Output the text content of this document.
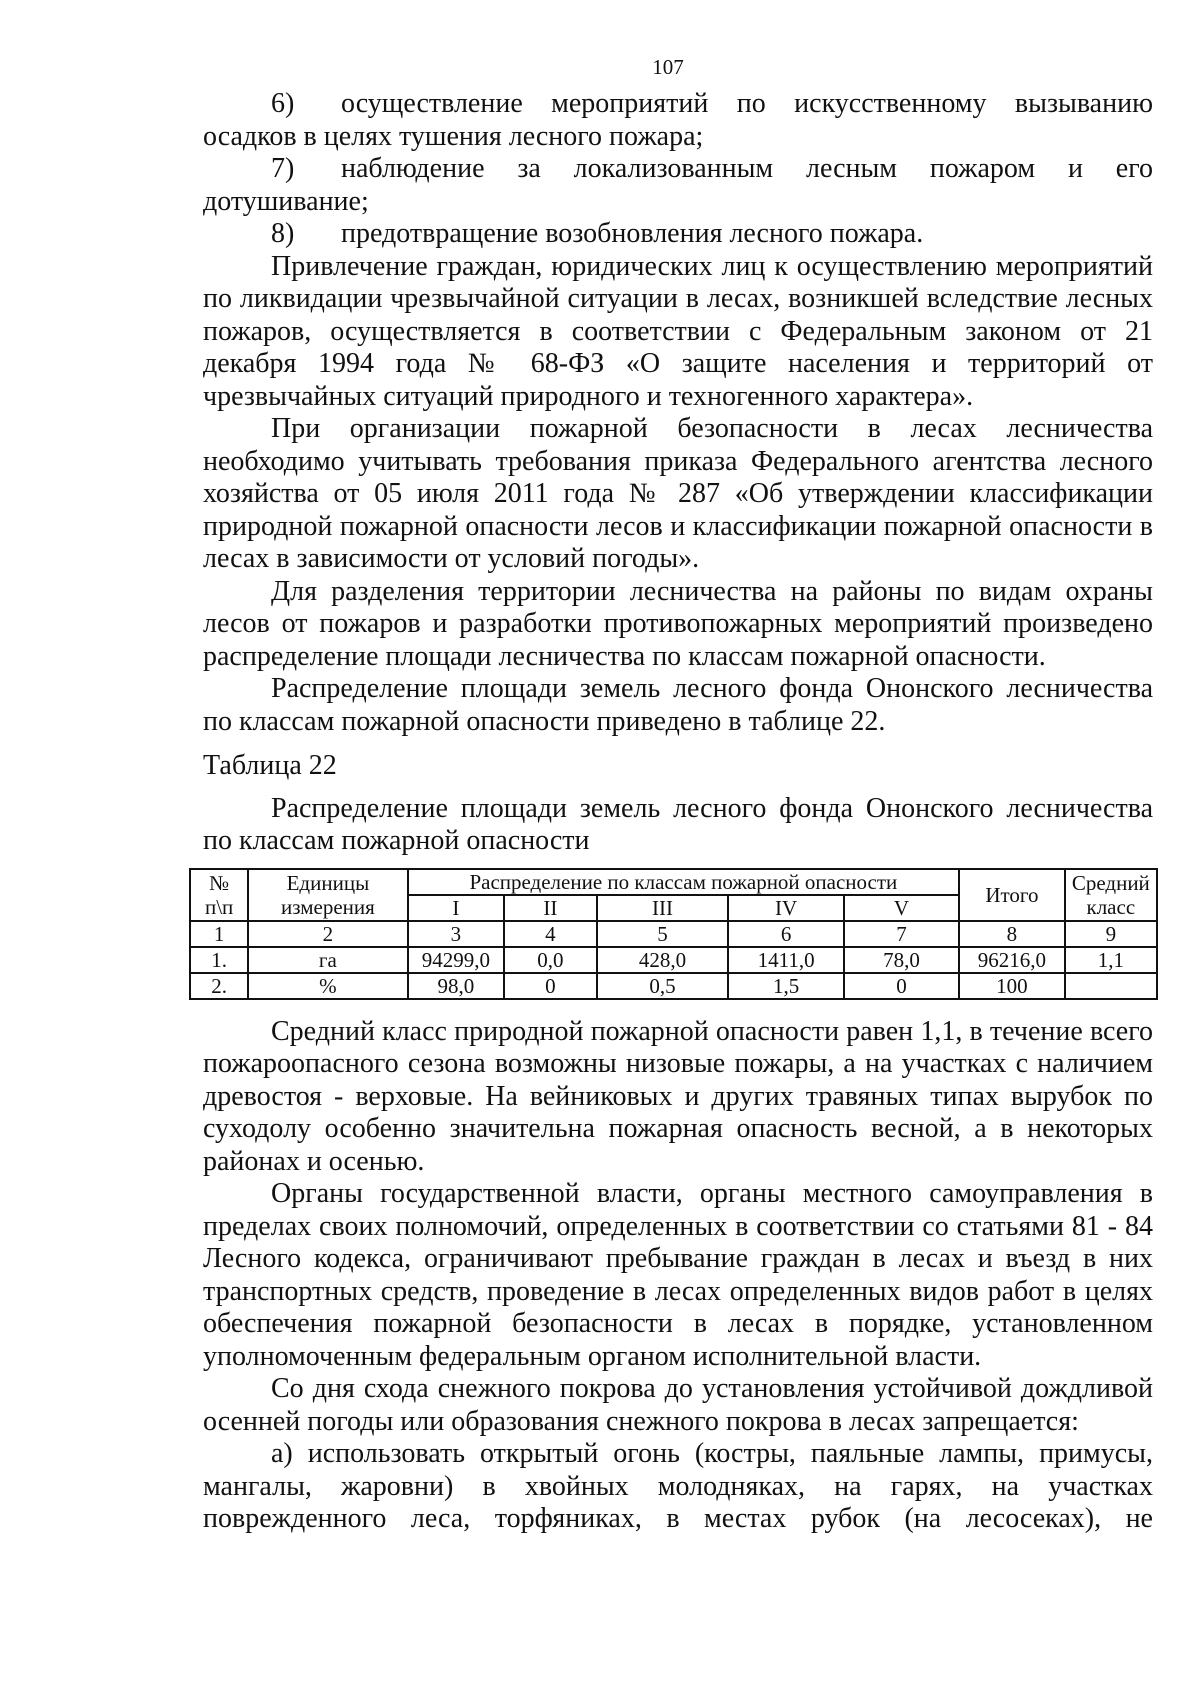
107

6) осуществление мероприятий по искусственному вызыванию

осадков в целях тушения лесного пожара;

7) наблюдение за локализованным лесным пожаром и его

дотушивание;

8) предотвращение возобновления лесного пожара.

Привлечение граждан, юридических лиц к осуществлению мероприятий по ликвидации чрезвычайной ситуации в лесах, возникшей вследствие лесных пожаров, осуществляется в соответствии с Федеральным законом от 21 декабря 1994 года № 68-ФЗ «О защите населения и территорий от чрезвычайных ситуаций природного и техногенного характера».

При организации пожарной безопасности в лесах лесничества необходимо учитывать требования приказа Федерального агентства лесного хозяйства от 05 июля 2011 года № 287 «Об утверждении классификации природной пожарной опасности лесов и классификации пожарной опасности в лесах в зависимости от условий погоды».

Для разделения территории лесничества на районы по видам охраны лесов от пожаров и разработки противопожарных мероприятий произведено распределение площади лесничества по классам пожарной опасности.

Распределение площади земель лесного фонда Ононского лесничества по классам пожарной опасности приведено в таблице 22.

Таблица 22

Распределение площади земель лесного фонда Ононского лесничества по классам пожарной опасности

№ п\п	Единицы измерения	Распределение по классам пожарной опасности					Итого	Средний класс
		I	II	III	IV	V		
1	2	3	4	5	6	7	8	9
1.	га	94299,0	0,0	428,0	1411,0	78,0	96216,0	1,1
2.	%	98,0	0	0,5	1,5	0	100	

Средний класс природной пожарной опасности равен 1,1, в течение всего пожароопасного сезона возможны низовые пожары, а на участках с наличием древостоя - верховые. На вейниковых и других травяных типах вырубок по суходолу особенно значительна пожарная опасность весной, а в некоторых районах и осенью.

Органы государственной власти, органы местного самоуправления в пределах своих полномочий, определенных в соответствии со статьями 81 - 84 Лесного кодекса, ограничивают пребывание граждан в лесах и въезд в них транспортных средств, проведение в лесах определенных видов работ в целях обеспечения пожарной безопасности в лесах в порядке, установленном уполномоченным федеральным органом исполнительной власти.

Со дня схода снежного покрова до установления устойчивой дождливой осенней погоды или образования снежного покрова в лесах запрещается:

а) использовать открытый огонь (костры, паяльные лампы, примусы, мангалы, жаровни) в хвойных молодняках, на гарях, на участках поврежденного леса, торфяниках, в местах рубок (на лесосеках), не
